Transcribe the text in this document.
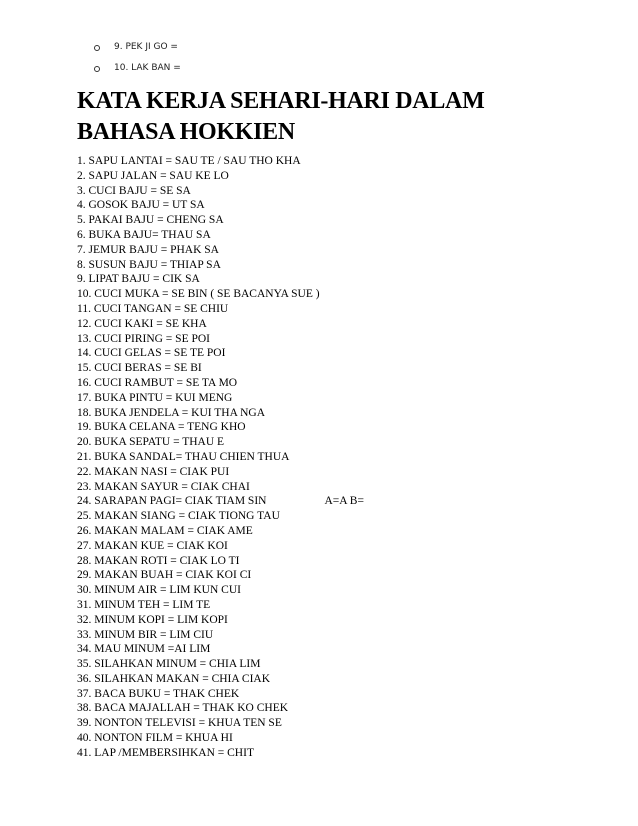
9. PEK JI GO =
10. LAK BAN =
KATA KERJA SEHARI-HARI DALAM BAHASA HOKKIEN
1. SAPU LANTAI = SAU TE / SAU THO KHA
2. SAPU JALAN = SAU KE LO
3. CUCI BAJU = SE SA
4. GOSOK BAJU = UT SA
5. PAKAI BAJU = CHENG SA
6. BUKA BAJU= THAU SA
7. JEMUR BAJU = PHAK SA
8. SUSUN BAJU = THIAP SA
9. LIPAT BAJU = CIK SA
10. CUCI MUKA = SE BIN ( SE BACANYA SUE )
11. CUCI TANGAN = SE CHIU
12. CUCI KAKI = SE KHA
13. CUCI PIRING = SE POI
14. CUCI GELAS = SE TE POI
15. CUCI BERAS = SE BI
16. CUCI RAMBUT = SE TA MO
17. BUKA PINTU = KUI MENG
18. BUKA JENDELA = KUI THA NGA
19. BUKA CELANA = TENG KHO
20. BUKA SEPATU = THAU E
21. BUKA SANDAL= THAU CHIEN THUA
22. MAKAN NASI = CIAK PUI
23. MAKAN SAYUR = CIAK CHAI
24. SARAPAN PAGI= CIAK TIAM SIN	A=A B=
25. MAKAN SIANG = CIAK TIONG TAU
26. MAKAN MALAM = CIAK AME
27. MAKAN KUE = CIAK KOI
28. MAKAN ROTI = CIAK LO TI
29. MAKAN BUAH = CIAK KOI CI
30. MINUM AIR = LIM KUN CUI
31. MINUM TEH = LIM TE
32. MINUM KOPI = LIM KOPI
33. MINUM BIR = LIM CIU
34. MAU MINUM =AI LIM
35. SILAHKAN MINUM = CHIA LIM
36. SILAHKAN MAKAN = CHIA CIAK
37. BACA BUKU = THAK CHEK
38. BACA MAJALLAH = THAK KO CHEK
39. NONTON TELEVISI = KHUA TEN SE
40. NONTON FILM = KHUA HI
41. LAP /MEMBERSIHKAN = CHIT
